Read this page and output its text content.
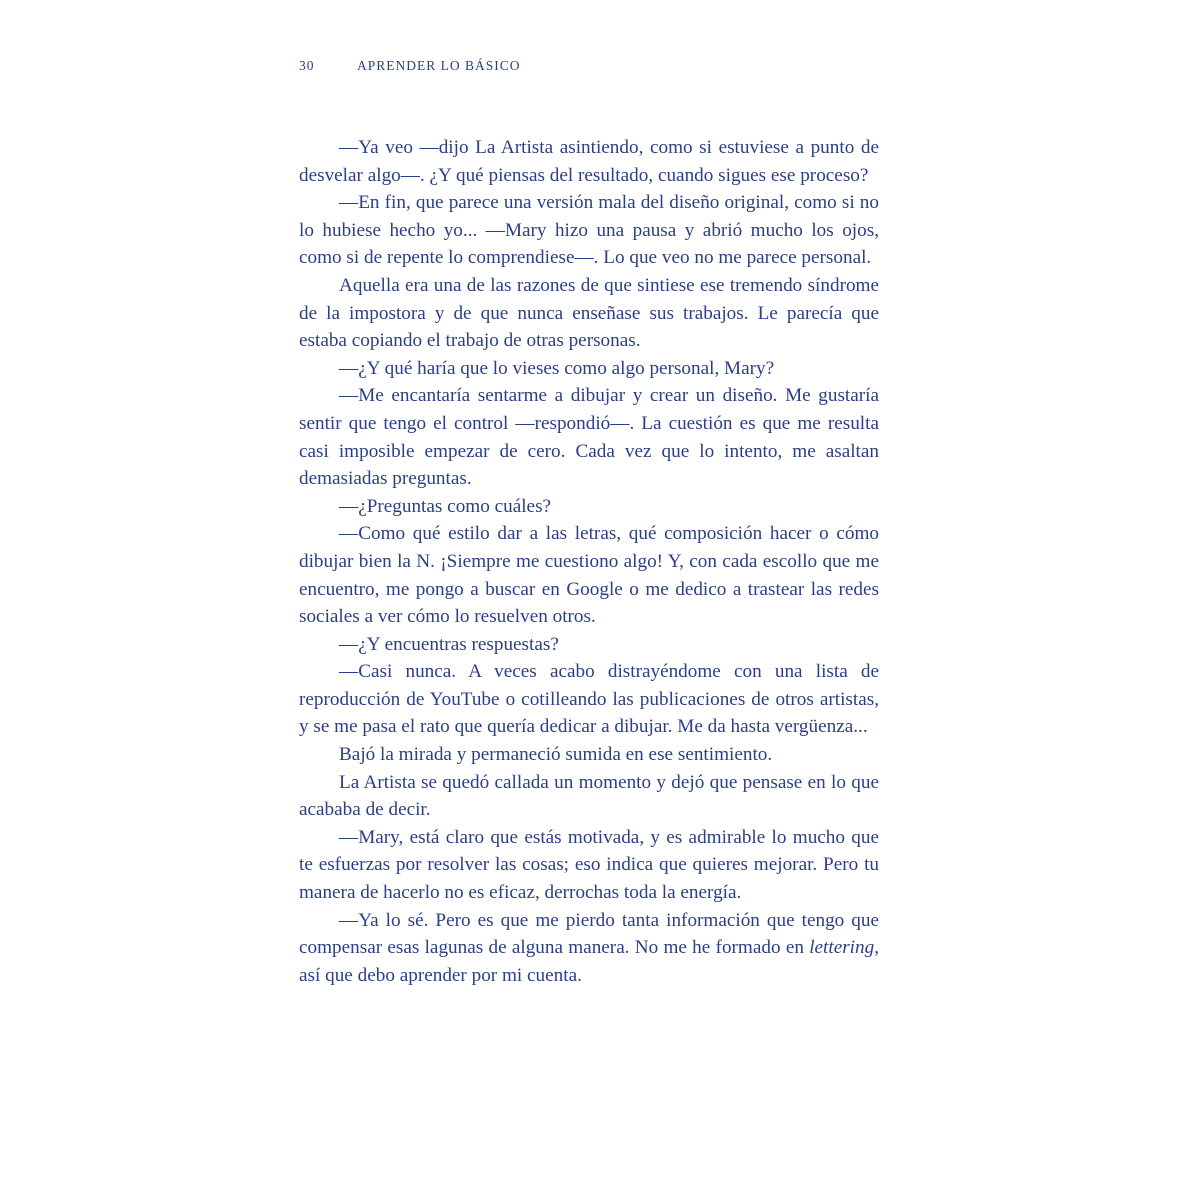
30	APRENDER LO BÁSICO

—Ya veo —dijo La Artista asintiendo, como si estuviese a punto de desvelar algo—. ¿Y qué piensas del resultado, cuando sigues ese proceso?

—En fin, que parece una versión mala del diseño original, como si no lo hubiese hecho yo... —Mary hizo una pausa y abrió mucho los ojos, como si de repente lo comprendiese—. Lo que veo no me parece personal.

Aquella era una de las razones de que sintiese ese tremendo síndrome de la impostora y de que nunca enseñase sus trabajos. Le parecía que estaba copiando el trabajo de otras personas.

—¿Y qué haría que lo vieses como algo personal, Mary?

—Me encantaría sentarme a dibujar y crear un diseño. Me gustaría sentir que tengo el control —respondió—. La cuestión es que me resulta casi imposible empezar de cero. Cada vez que lo intento, me asaltan demasiadas preguntas.

—¿Preguntas como cuáles?

—Como qué estilo dar a las letras, qué composición hacer o cómo dibujar bien la N. ¡Siempre me cuestiono algo! Y, con cada escollo que me encuentro, me pongo a buscar en Google o me dedico a trastear las redes sociales a ver cómo lo resuelven otros.

—¿Y encuentras respuestas?

—Casi nunca. A veces acabo distrayéndome con una lista de reproducción de YouTube o cotilleando las publicaciones de otros artistas, y se me pasa el rato que quería dedicar a dibujar. Me da hasta vergüenza...

Bajó la mirada y permaneció sumida en ese sentimiento.

La Artista se quedó callada un momento y dejó que pensase en lo que acababa de decir.

—Mary, está claro que estás motivada, y es admirable lo mucho que te esfuerzas por resolver las cosas; eso indica que quieres mejorar. Pero tu manera de hacerlo no es eficaz, derrochas toda la energía.

—Ya lo sé. Pero es que me pierdo tanta información que tengo que compensar esas lagunas de alguna manera. No me he formado en lettering, así que debo aprender por mi cuenta.
